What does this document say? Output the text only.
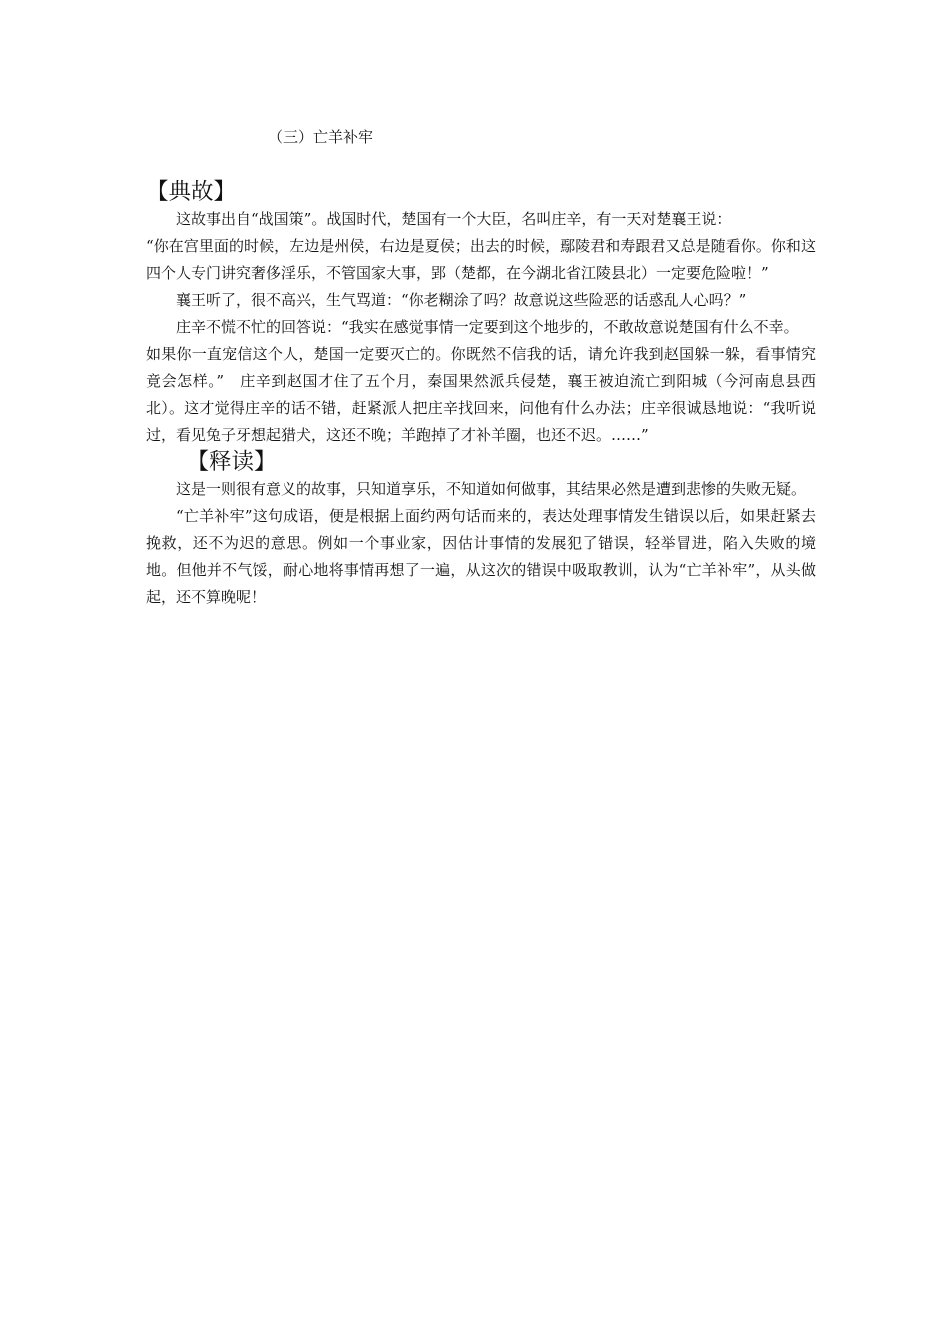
（三）亡羊补牢
【典故】

这故事出自“战国策”。战国时代，楚国有一个大臣，名叫庄辛，有一天对楚襄王说：

“你在宫里面的时候，左边是州侯，右边是夏侯；出去的时候，鄢陵君和寿跟君又总是随看你。你和这四个人专门讲究奢侈淫乐，不管国家大事，郢（楚都，在今湖北省江陵县北）一定要危险啦！”

襄王听了，很不高兴，生气骂道：“你老糊涂了吗？故意说这些险恶的话惑乱人心吗？”

庄辛不慌不忙的回答说：“我实在感觉事情一定要到这个地步的，不敢故意说楚国有什么不幸。

如果你一直宠信这个人，楚国一定要灭亡的。你既然不信我的话，请允许我到赵国躲一躲，看事情究竟会怎样。”　庄辛到赵国才住了五个月，秦国果然派兵侵楚，襄王被迫流亡到阳城（今河南息县西　北）。这才觉得庄辛的话不错，赶紧派人把庄辛找回来，问他有什么办法；庄辛很诚恳地说：“我听说过，看见兔子牙想起猎犬，这还不晚；羊跑掉了才补羊圈，也还不迟。……”

【释读】

这是一则很有意义的故事，只知道享乐，不知道如何做事，其结果必然是遭到悲惨的失败无疑。

“亡羊补牢”这句成语，便是根据上面约两句话而来的，表达处理事情发生错误以后，如果赶紧去挽救，还不为迟的意思。例如一个事业家，因估计事情的发展犯了错误，轻举冒进，陷入失败的境地。但他并不气馁，耐心地将事情再想了一遍，从这次的错误中吸取教训，认为“亡羊补牢”，从头做起，还不算晚呢！
